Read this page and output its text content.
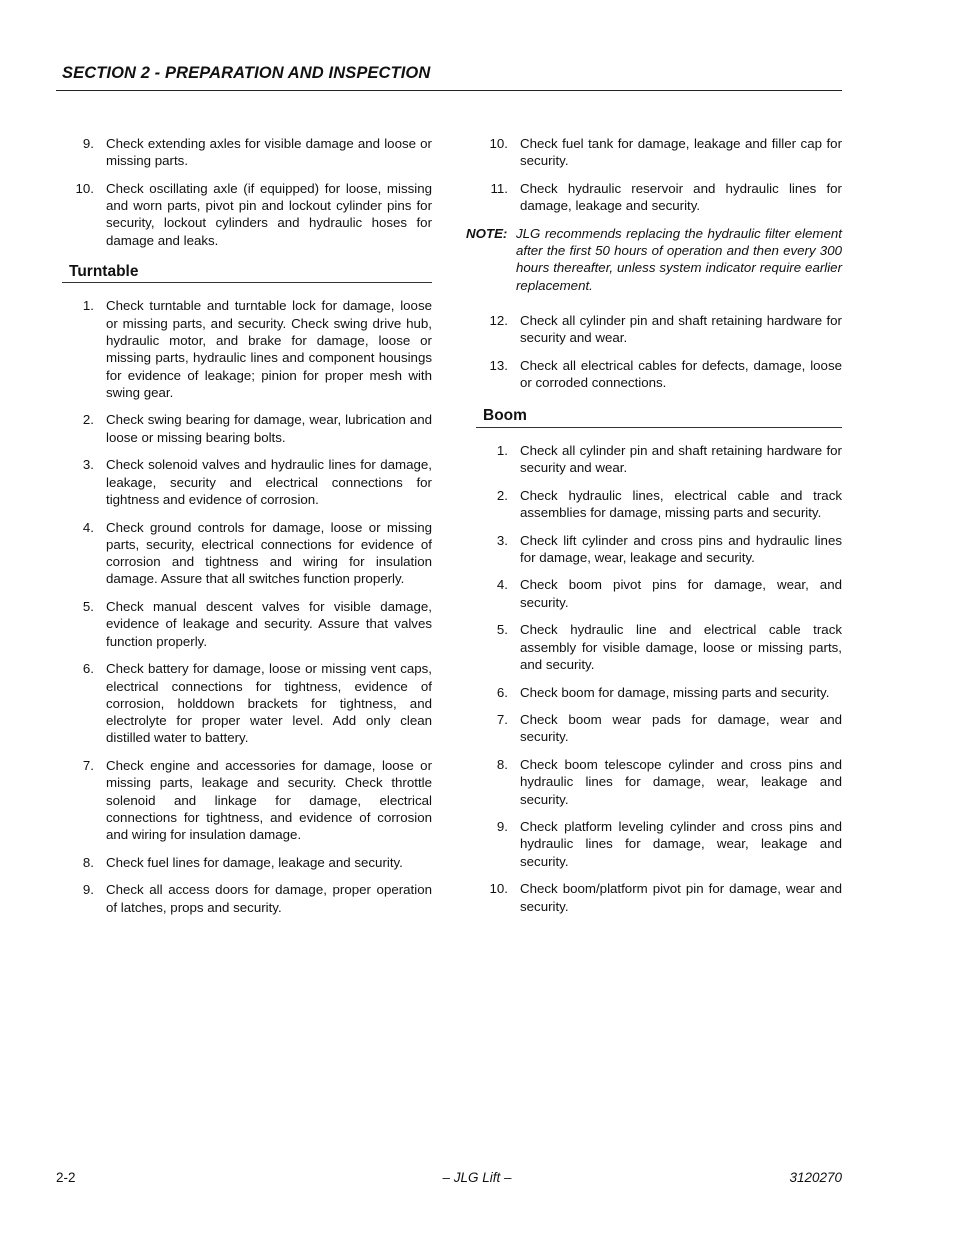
SECTION 2 - PREPARATION AND INSPECTION
9. Check extending axles for visible damage and loose or missing parts.
10. Check oscillating axle (if equipped) for loose, missing and worn parts, pivot pin and lockout cylinder pins for security, lockout cylinders and hydraulic hoses for damage and leaks.
Turntable
1. Check turntable and turntable lock for damage, loose or missing parts, and security. Check swing drive hub, hydraulic motor, and brake for damage, loose or missing parts, hydraulic lines and component housings for evidence of leakage; pinion for proper mesh with swing gear.
2. Check swing bearing for damage, wear, lubrication and loose or missing bearing bolts.
3. Check solenoid valves and hydraulic lines for damage, leakage, security and electrical connections for tightness and evidence of corrosion.
4. Check ground controls for damage, loose or missing parts, security, electrical connections for evidence of corrosion and tightness and wiring for insulation damage. Assure that all switches function properly.
5. Check manual descent valves for visible damage, evidence of leakage and security. Assure that valves function properly.
6. Check battery for damage, loose or missing vent caps, electrical connections for tightness, evidence of corrosion, holddown brackets for tightness, and electrolyte for proper water level. Add only clean distilled water to battery.
7. Check engine and accessories for damage, loose or missing parts, leakage and security. Check throttle solenoid and linkage for damage, electrical connections for tightness, and evidence of corrosion and wiring for insulation damage.
8. Check fuel lines for damage, leakage and security.
9. Check all access doors for damage, proper operation of latches, props and security.
10. Check fuel tank for damage, leakage and filler cap for security.
11. Check hydraulic reservoir and hydraulic lines for damage, leakage and security.
NOTE: JLG recommends replacing the hydraulic filter element after the first 50 hours of operation and then every 300 hours thereafter, unless system indicator require earlier replacement.
12. Check all cylinder pin and shaft retaining hardware for security and wear.
13. Check all electrical cables for defects, damage, loose or corroded connections.
Boom
1. Check all cylinder pin and shaft retaining hardware for security and wear.
2. Check hydraulic lines, electrical cable and track assemblies for damage, missing parts and security.
3. Check lift cylinder and cross pins and hydraulic lines for damage, wear, leakage and security.
4. Check boom pivot pins for damage, wear, and security.
5. Check hydraulic line and electrical cable track assembly for visible damage, loose or missing parts, and security.
6. Check boom for damage, missing parts and security.
7. Check boom wear pads for damage, wear and security.
8. Check boom telescope cylinder and cross pins and hydraulic lines for damage, wear, leakage and security.
9. Check platform leveling cylinder and cross pins and hydraulic lines for damage, wear, leakage and security.
10. Check boom/platform pivot pin for damage, wear and security.
2-2	– JLG Lift –	3120270
